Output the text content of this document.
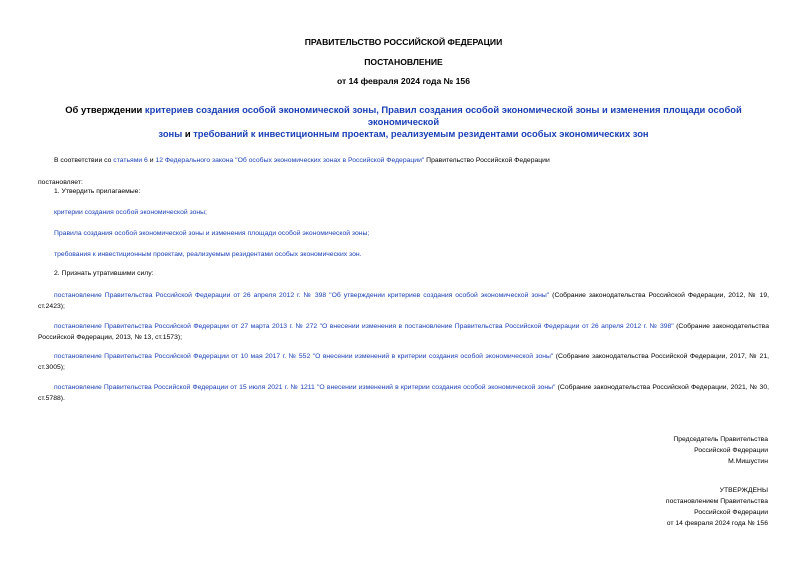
ПРАВИТЕЛЬСТВО РОССИЙСКОЙ ФЕДЕРАЦИИ
ПОСТАНОВЛЕНИЕ
от 14 февраля 2024 года № 156
Об утверждении критериев создания особой экономической зоны, Правил создания особой экономической зоны и изменения площади особой экономической
зоны и требований к инвестиционным проектам, реализуемым резидентами особых экономических зон
В соответствии со статьями 6 и 12 Федерального закона "Об особых экономических зонах в Российской Федерации" Правительство Российской Федерации
постановляет:
1. Утвердить прилагаемые:
критерии создания особой экономической зоны;
Правила создания особой экономической зоны и изменения площади особой экономической зоны;
требования к инвестиционным проектам, реализуемым резидентами особых экономических зон.
2. Признать утратившими силу:
постановление Правительства Российской Федерации от 26 апреля 2012 г. № 398 "Об утверждении критериев создания особой экономической зоны" (Собрание законодательства Российской Федерации, 2012, № 19, ст.2423);
постановление Правительства Российской Федерации от 27 марта 2013 г. № 272 "О внесении изменения в постановление Правительства Российской Федерации от 26 апреля 2012 г. № 398" (Собрание законодательства Российской Федерации, 2013, № 13, ст.1573);
постановление Правительства Российской Федерации от 10 мая 2017 г. № 552 "О внесении изменений в критерии создания особой экономической зоны" (Собрание законодательства Российской Федерации, 2017, № 21, ст.3005);
постановление Правительства Российской Федерации от 15 июля 2021 г. № 1211 "О внесении изменений в критерии создания особой экономической зоны" (Собрание законодательства Российской Федерации, 2021, № 30, ст.5788).
Председатель Правительства
Российской Федерации
М.Мишустин
УТВЕРЖДЕНЫ
постановлением Правительства
Российской Федерации
от 14 февраля 2024 года № 156
